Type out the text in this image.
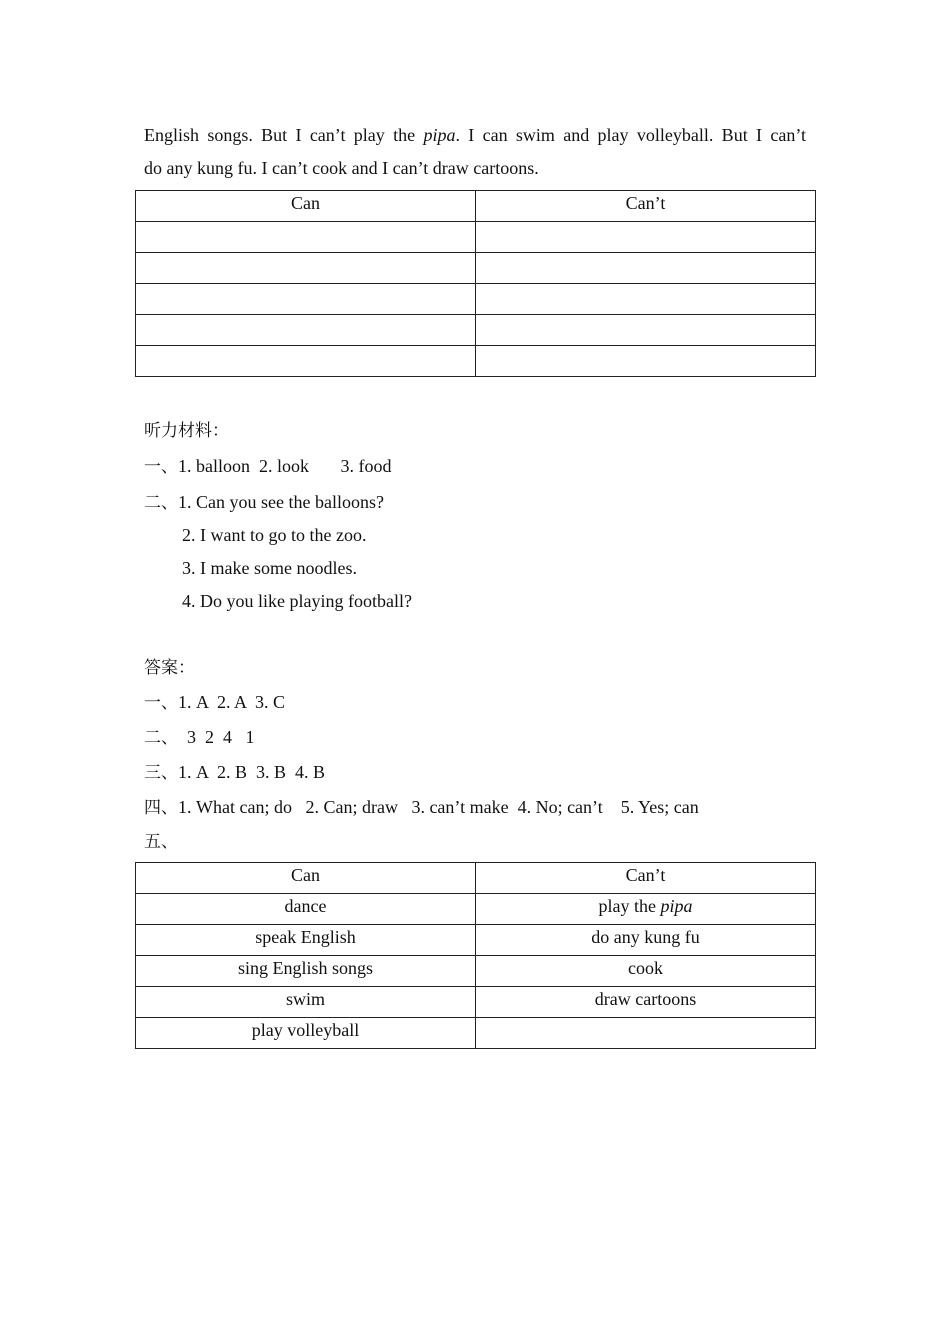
English songs. But I can’t play the pipa. I can swim and play volleyball. But I can’t
do any kung fu. I can’t cook and I can’t draw cartoons.
Can	Can’t

听力材料：
一、1. balloon  2. look       3. food
二、1. Can you see the balloons?
2. I want to go to the zoo.
3. I make some noodles.
4. Do you like playing football?
答案：
一、1. A  2. A  3. C
二、  3  2  4   1
三、1. A  2. B  3. B  4. B
四、1. What can; do   2. Can; draw   3. can’t make  4. No; can’t    5. Yes; can
五、
Can	Can’t
dance	play the pipa
speak English	do any kung fu
sing English songs	cook
swim	draw cartoons
play volleyball	
